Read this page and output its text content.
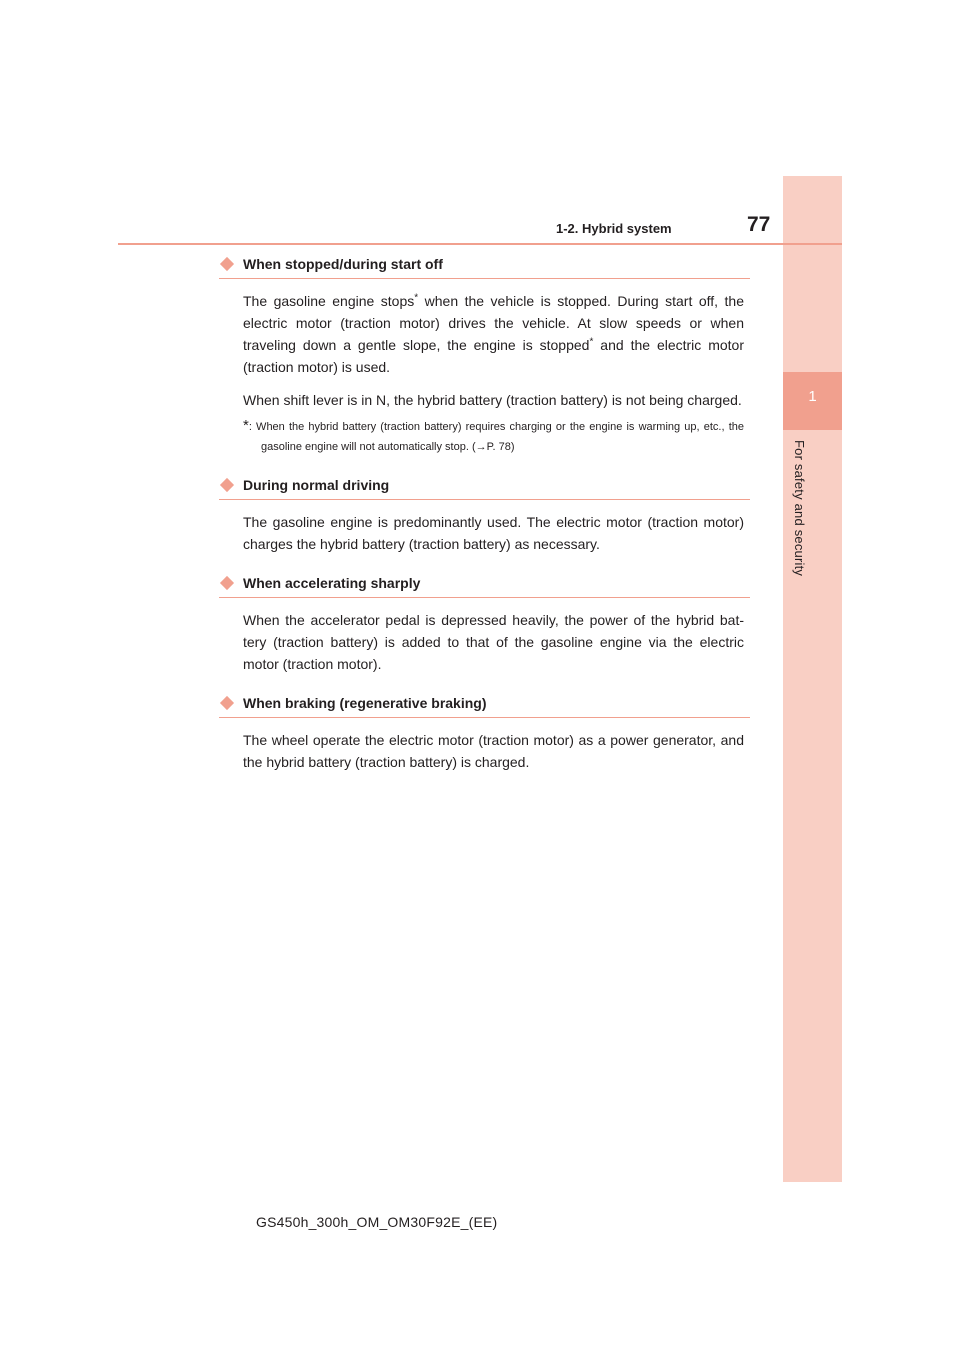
1
For safety and security
1-2. Hybrid system	77
When stopped/during start off

The gasoline engine stops* when the vehicle is stopped. During start off, the electric motor (traction motor) drives the vehicle. At slow speeds or when traveling down a gentle slope, the engine is stopped* and the electric motor (traction motor) is used.

When shift lever is in N, the hybrid battery (traction battery) is not being charged.

*: When the hybrid battery (traction battery) requires charging or the engine is warming up, etc., the gasoline engine will not automatically stop. (→P. 78)

During normal driving

The gasoline engine is predominantly used. The electric motor (traction motor) charges the hybrid battery (traction battery) as necessary.

When accelerating sharply

When the accelerator pedal is depressed heavily, the power of the hybrid bat-tery (traction battery) is added to that of the gasoline engine via the electric motor (traction motor).

When braking (regenerative braking)

The wheel operate the electric motor (traction motor) as a power generator, and the hybrid battery (traction battery) is charged.

GS450h_300h_OM_OM30F92E_(EE)
